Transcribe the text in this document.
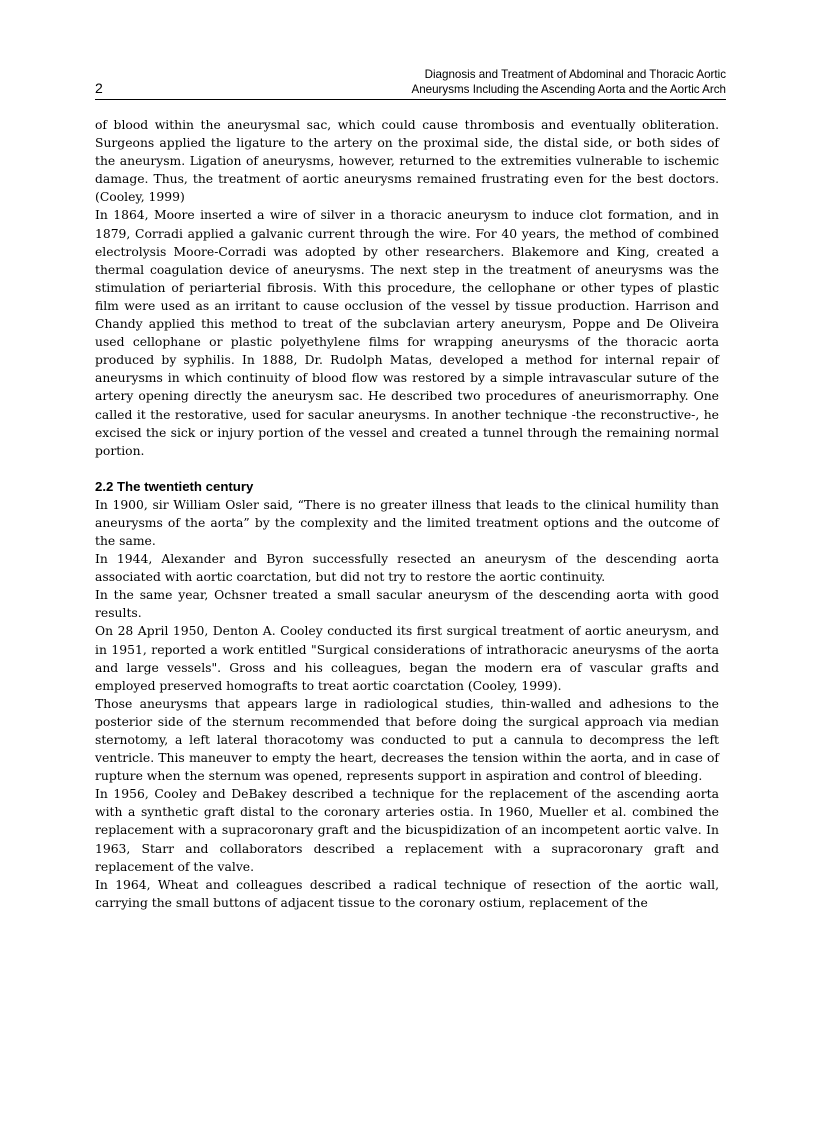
2
Diagnosis and Treatment of Abdominal and Thoracic Aortic
Aneurysms Including the Ascending Aorta and the Aortic Arch

of blood within the aneurysmal sac, which could cause thrombosis and eventually obliteration. Surgeons applied the ligature to the artery on the proximal side, the distal side, or both sides of the aneurysm. Ligation of aneurysms, however, returned to the extremities vulnerable to ischemic damage. Thus, the treatment of aortic aneurysms remained frustrating even for the best doctors. (Cooley, 1999)

In 1864, Moore inserted a wire of silver in a thoracic aneurysm to induce clot formation, and in 1879, Corradi applied a galvanic current through the wire. For 40 years, the method of combined electrolysis Moore-Corradi was adopted by other researchers. Blakemore and King, created a thermal coagulation device of aneurysms. The next step in the treatment of aneurysms was the stimulation of periarterial fibrosis. With this procedure, the cellophane or other types of plastic film were used as an irritant to cause occlusion of the vessel by tissue production. Harrison and Chandy applied this method to treat of the subclavian artery aneurysm, Poppe and De Oliveira used cellophane or plastic polyethylene films for wrapping aneurysms of the thoracic aorta produced by syphilis. In 1888, Dr. Rudolph Matas, developed a method for internal repair of aneurysms in which continuity of blood flow was restored by a simple intravascular suture of the artery opening directly the aneurysm sac. He described two procedures of aneurismorraphy. One called it the restorative, used for sacular aneurysms. In another technique -the reconstructive-, he excised the sick or injury portion of the vessel and created a tunnel through the remaining normal portion.

2.2 The twentieth century

In 1900, sir William Osler said, “There is no greater illness that leads to the clinical humility than aneurysms of the aorta” by the complexity and the limited treatment options and the outcome of the same.

In 1944, Alexander and Byron successfully resected an aneurysm of the descending aorta associated with aortic coarctation, but did not try to restore the aortic continuity.

In the same year, Ochsner treated a small sacular aneurysm of the descending aorta with good results.

On 28 April 1950, Denton A. Cooley conducted its first surgical treatment of aortic aneurysm, and in 1951, reported a work entitled "Surgical considerations of intrathoracic aneurysms of the aorta and large vessels". Gross and his colleagues, began the modern era of vascular grafts and employed preserved homografts to treat aortic coarctation (Cooley, 1999).

Those aneurysms that appears large in radiological studies, thin-walled and adhesions to the posterior side of the sternum recommended that before doing the surgical approach via median sternotomy, a left lateral thoracotomy was conducted to put a cannula to decompress the left ventricle. This maneuver to empty the heart, decreases the tension within the aorta, and in case of rupture when the sternum was opened, represents support in aspiration and control of bleeding.

In 1956, Cooley and DeBakey described a technique for the replacement of the ascending aorta with a synthetic graft distal to the coronary arteries ostia. In 1960, Mueller et al. combined the replacement with a supracoronary graft and the bicuspidization of an incompetent aortic valve. In 1963, Starr and collaborators described a replacement with a supracoronary graft and replacement of the valve.

In 1964, Wheat and colleagues described a radical technique of resection of the aortic wall, carrying the small buttons of adjacent tissue to the coronary ostium, replacement of the
